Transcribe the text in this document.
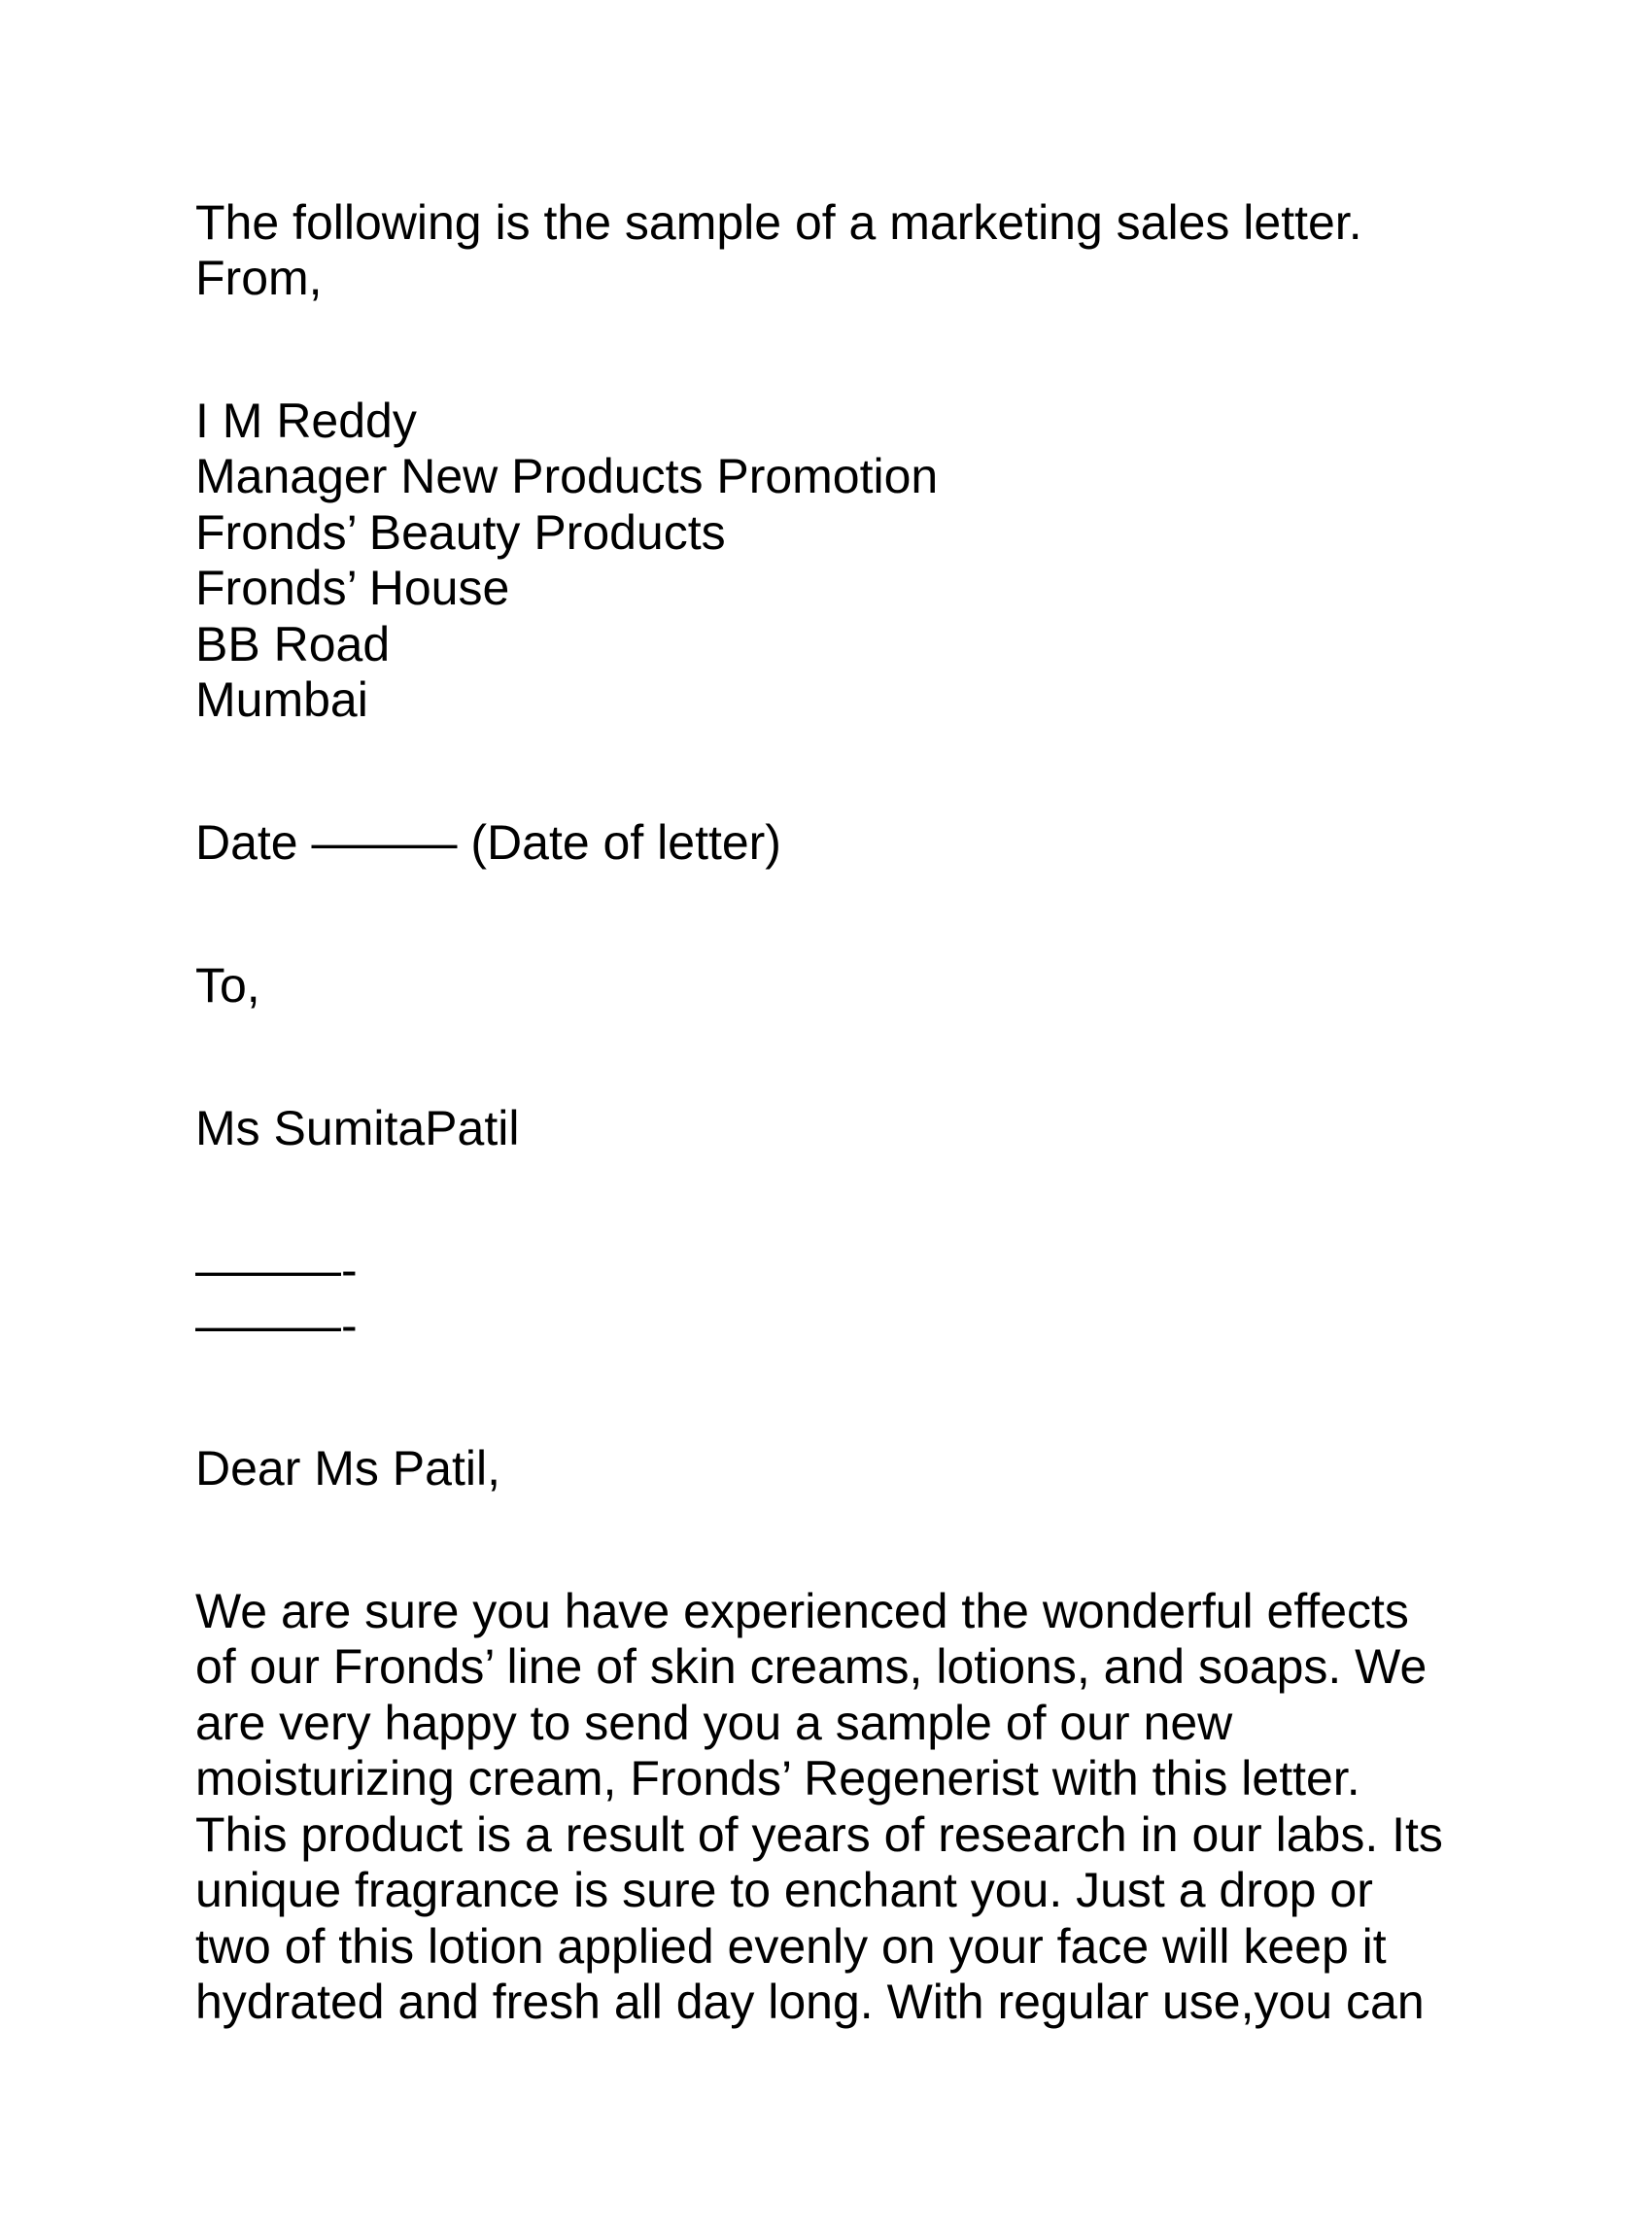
The following is the sample of a marketing sales letter.
From,
I M Reddy
Manager New Products Promotion
Fronds’ Beauty Products
Fronds’ House
BB Road
Mumbai
Date ——— (Date of letter)
To,
Ms SumitaPatil
———-
———-
Dear Ms Patil,
We are sure you have experienced the wonderful effects
of our Fronds’ line of skin creams, lotions, and soaps. We
are very happy to send you a sample of our new
moisturizing cream, Fronds’ Regenerist with this letter.
This product is a result of years of research in our labs. Its
unique fragrance is sure to enchant you. Just a drop or
two of this lotion applied evenly on your face will keep it
hydrated and fresh all day long. With regular use,you can
